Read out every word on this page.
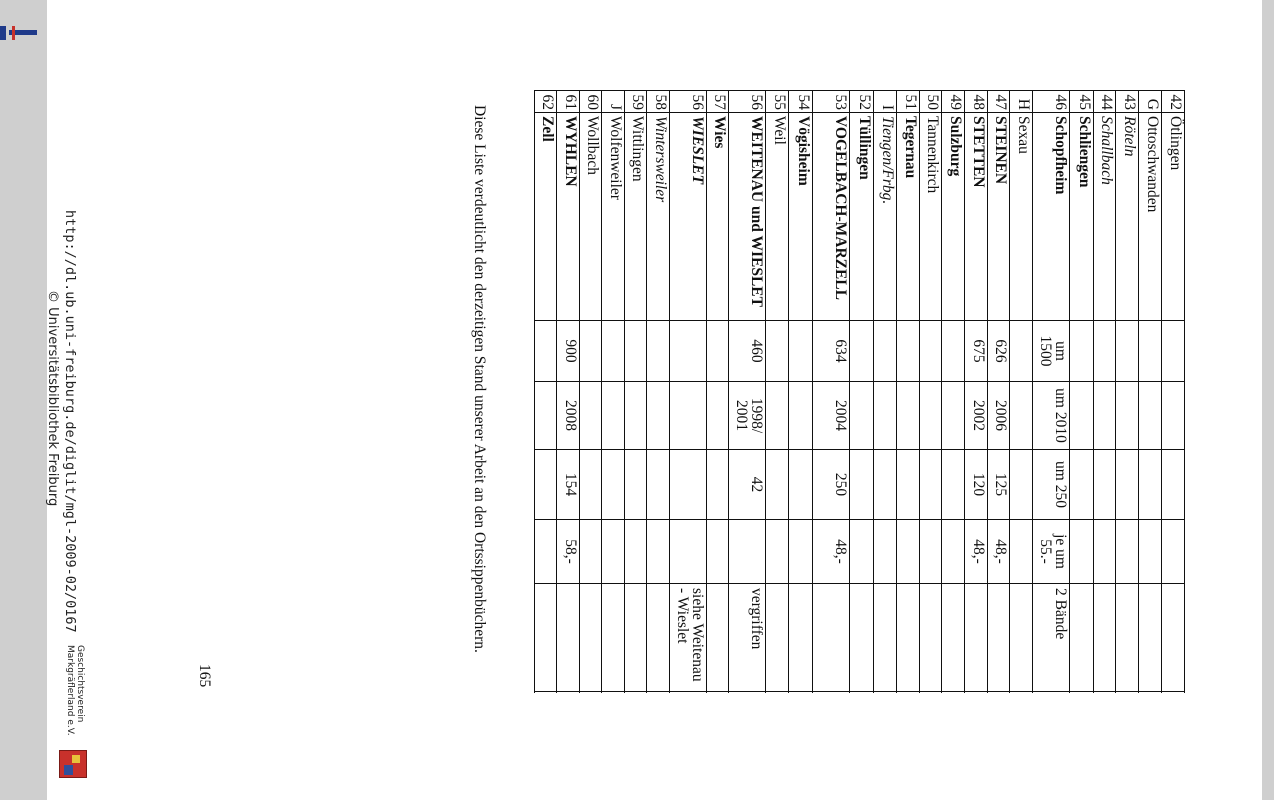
42
Ötlingen
G
Ottoschwanden
43
Röteln
44
Schallbach
45
Schliengen
46
Schopfheim
um 1500
um 2010
um 250
je um 55.-
2 Bände
H
Sexau
47
STEINEN
626
2006
125
48,-
48
STETTEN
675
2002
120
48,-
49
Sulzburg
50
Tannenkirch
51
Tegernau
I
Tiengen/Frbg.
52
Tüllingen
53
VOGELBACH-MARZELL
634
2004
250
48,-
54
Vögisheim
55
Weil
56
WEITENAU und WIESLET
460
1998/ 2001
42
vergriffen
57
Wies
56
WIESLET
siehe Weitenau - Wieslet
58
Wintersweiler
59
Wittlingen
J
Wolfenweiler
60
Wollbach
61
WYHLEN
900
2008
154
58,-
62
Zell
Diese Liste verdeutlicht den derzeitigen Stand unserer Arbeit an den Ortssippenbüchern.
165
http://dl.ub.uni-freiburg.de/diglit/mgl-2009-02/0167
© Universitätsbibliothek Freiburg
Geschichtsverein Markgräflerland e.V.
